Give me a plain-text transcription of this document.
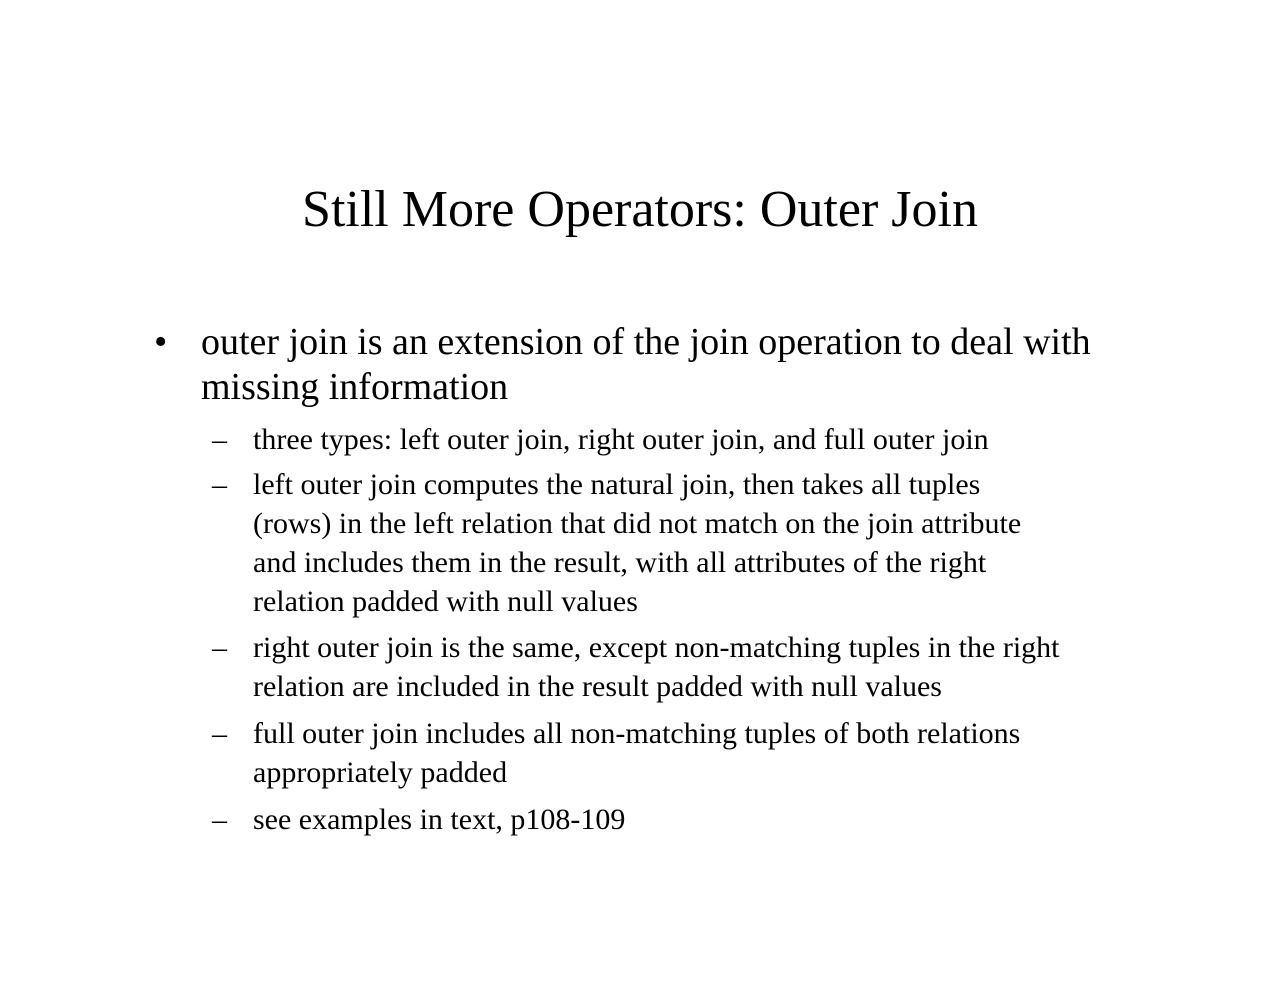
Still More Operators: Outer Join
• outer join is an extension of the join operation to deal with
missing information
– three types: left outer join, right outer join, and full outer join
– left outer join computes the natural join, then takes all tuples
(rows) in the left relation that did not match on the join attribute
and includes them in the result, with all attributes of the right
relation padded with null values
– right outer join is the same, except non-matching tuples in the right
relation are included in the result padded with null values
– full outer join includes all non-matching tuples of both relations
appropriately padded
– see examples in text, p108-109
